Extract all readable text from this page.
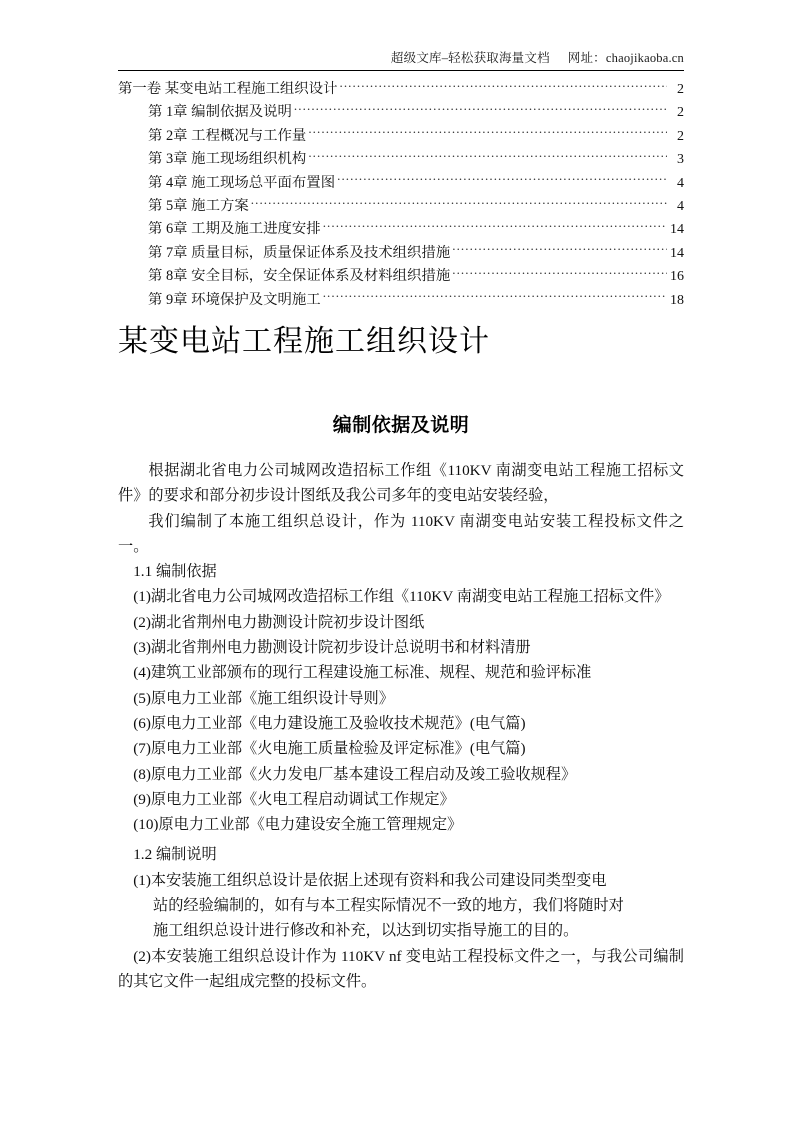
超级文库–轻松获取海量文档 网址：chaojikaoba.cn
第一卷 某变电站工程施工组织设计 .....	2
第 1章 编制依据及说明 .....	2
第 2章 工程概况与工作量 .....	2
第 3章 施工现场组织机构 .....	3
第 4章 施工现场总平面布置图 .....	4
第 5章 施工方案 .....	4
第 6章 工期及施工进度安排 .....	14
第 7章 质量目标，质量保证体系及技术组织措施 .....	14
第 8章 安全目标，安全保证体系及材料组织措施 .....	16
第 9章 环境保护及文明施工 .....	18
某变电站工程施工组织设计
编制依据及说明

根据湖北省电力公司城网改造招标工作组《110KV 南湖变电站工程施工招标文件》的要求和部分初步设计图纸及我公司多年的变电站安装经验，

我们编制了本施工组织总设计，作为 110KV 南湖变电站安装工程投标文件之一。

1.1 编制依据

(1)湖北省电力公司城网改造招标工作组《110KV 南湖变电站工程施工招标文件》

(2)湖北省荆州电力勘测设计院初步设计图纸

(3)湖北省荆州电力勘测设计院初步设计总说明书和材料清册

(4)建筑工业部颁布的现行工程建设施工标准、规程、规范和验评标准

(5)原电力工业部《施工组织设计导则》

(6)原电力工业部《电力建设施工及验收技术规范》(电气篇)

(7)原电力工业部《火电施工质量检验及评定标准》(电气篇)

(8)原电力工业部《火力发电厂基本建设工程启动及竣工验收规程》

(9)原电力工业部《火电工程启动调试工作规定》

(10)原电力工业部《电力建设安全施工管理规定》

1.2 编制说明

(1)本安装施工组织总设计是依据上述现有资料和我公司建设同类型变电

站的经验编制的，如有与本工程实际情况不一致的地方，我们将随时对

施工组织总设计进行修改和补充，以达到切实指导施工的目的。

(2)本安装施工组织总设计作为 110KV nf 变电站工程投标文件之一，与我公司编制的其它文件一起组成完整的投标文件。
